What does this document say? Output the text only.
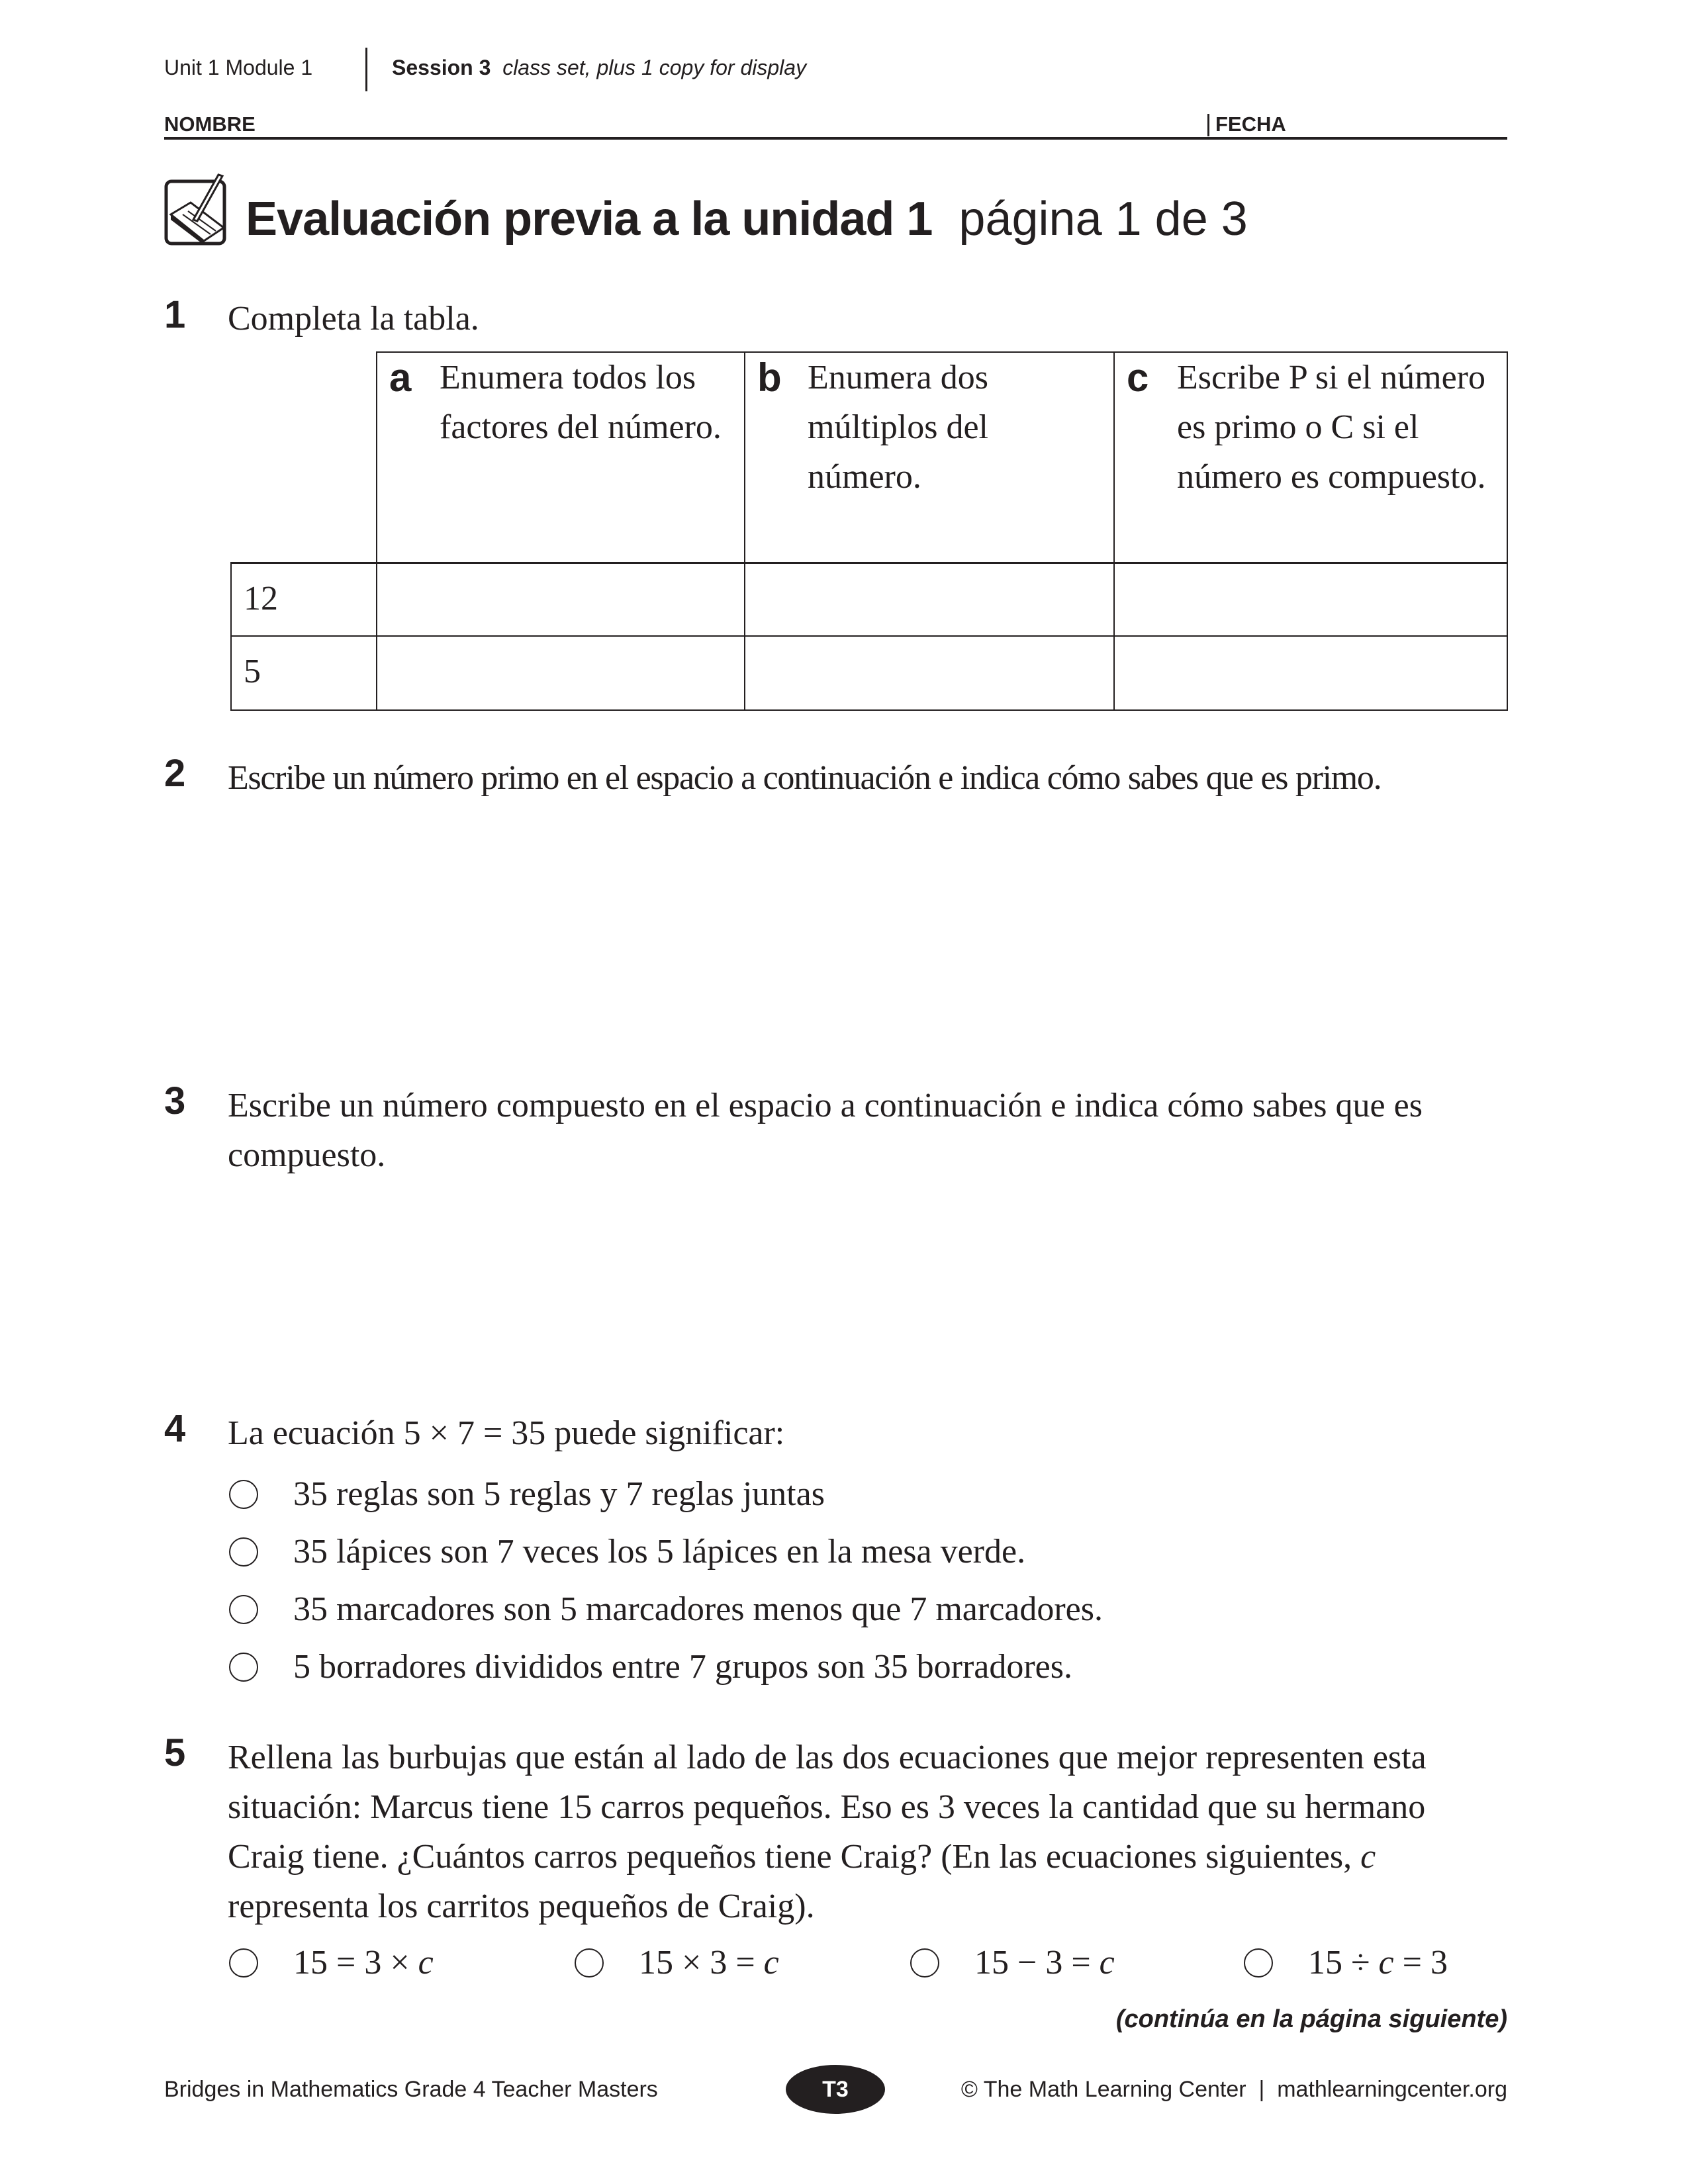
Unit 1 Module 1	Session 3 class set, plus 1 copy for display
NOMBRE	FECHA
Evaluación previa a la unidad 1 página 1 de 3
1 Completa la tabla.

	a Enumera todos los factores del número.	b Enumera dos múltiplos del número.	c Escribe P si el número es primo o C si el número es compuesto.

12			
5			
2 Escribe un número primo en el espacio a continuación e indica cómo sabes que es primo.
3 Escribe un número compuesto en el espacio a continuación e indica cómo sabes que es compuesto.
4 La ecuación 5 × 7 = 35 puede significar:
35 reglas son 5 reglas y 7 reglas juntas
35 lápices son 7 veces los 5 lápices en la mesa verde.
35 marcadores son 5 marcadores menos que 7 marcadores.
5 borradores divididos entre 7 grupos son 35 borradores.
5 Rellena las burbujas que están al lado de las dos ecuaciones que mejor representen esta situación: Marcus tiene 15 carros pequeños. Eso es 3 veces la cantidad que su hermano Craig tiene. ¿Cuántos carros pequeños tiene Craig? (En las ecuaciones siguientes, c representa los carritos pequeños de Craig).
15 = 3 × c	15 × 3 = c	15 − 3 = c	15 ÷ c = 3
(continúa en la página siguiente)
Bridges in Mathematics Grade 4 Teacher Masters	T3	© The Math Learning Center  |  mathlearningcenter.org
